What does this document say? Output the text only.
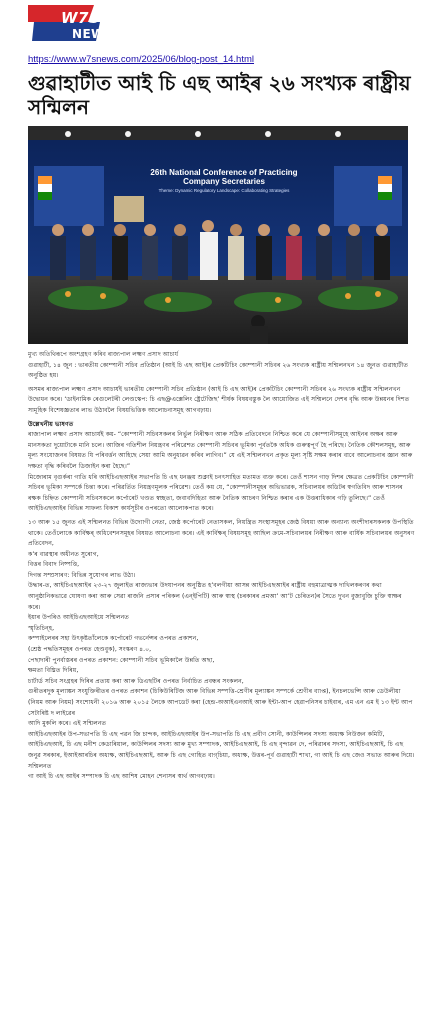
W7S
NEWS
https://www.w7snews.com/2025/06/blog-post_14.html
গুৱাহাটীত আই চি এছ আইৰ ২৬ সংখ্যক ৰাষ্ট্ৰীয় সন্মিলন
26th National Conference of Practicing Company Secretaries
Theme: Dynamic Regulatory Landscape: Collaborating Strategies

মুখ্য অতিথিৰূপে অংশগ্ৰহণ কৰিব ৰাজ্যপাল লক্ষ্মণ প্ৰসাদ আচাৰ্য

গুৱাহাটী, ১৪ জুন : ভাৰতীয় কোম্পানী সচিব প্ৰতিষ্ঠান (আই চি এছ আই)ৰ প্ৰেকটিচিং কোম্পানী সচিবৰ ২৬ সংখ্যক ৰাষ্ট্ৰীয় সন্মিলনখন ১৪ জুনত গুৱাহাটীত অনুষ্ঠিত হয়।

অসমৰ ৰাজ্যপাল লক্ষ্মণ প্ৰসাদ আচাৰ্যই ভাৰতীয় কোম্পানী সচিব প্ৰতিষ্ঠান (আই চি এছ আই)ৰ প্ৰেকটিচিং কোম্পানী সচিবৰ ২৬ সংখ্যক ৰাষ্ট্ৰীয় সন্মিলনখন উদ্বোধন কৰে। ‘ডাইনামিক ৰেগুলেটৰী লেণ্ডস্কেপ: চি এছ@এক্সেলিং ষ্ট্ৰেটেজিছ’ শীৰ্ষক বিষয়বস্তুক লৈ আয়োজিত এই সন্মিলনে দেশৰ বৃদ্ধি আৰু উন্নয়নৰ দিশত সামূহিক বিশেষজ্ঞতাৰ লাভ উঠাবলৈ বিষয়ভিত্তিক আলোচনাসমূহ আগবঢ়ায়।

উল্লেখনীয় ভাষণত

ৰাজ্যপাল লক্ষ্মণ প্ৰসাদ আচাৰ্যই কয়- “কোম্পানী সচিবসকলৰ নিৰ্ভুল নিৰীক্ষণ আৰু সঠিক প্ৰতিবেদনে নিশ্চিত কৰে যে কোম্পানীসমূহে আইনৰ অক্ষৰ আৰু মানসকতা দুয়োটাকে মানি চলে। আজিৰ গতিশীল নিয়ন্ত্ৰণৰ পৰিৱেশত কোম্পানী সচিবৰ ভূমিকা পূৰ্বতকৈ অধিক গুৰুত্বপূৰ্ণ হৈ পৰিছে। নৈতিক কৌশলসমূহ, আৰু মূল্য সংযোজনৰ বিষয়ত যি পৰিবৰ্ত্তন আহিছে সেয়া আমি অনুধাৱন কৰিব লাগিব।” যে এই সন্মিলনখন প্ৰকৃত মূল্য সৃষ্টি সক্ষম কৰাৰ বাবে আলোচনাৰ জ্ঞান আৰু দক্ষতা বৃদ্ধি কৰিবলৈ ডিজাইন কৰা হৈছে।”

মিজোৰাম বৃগুৰ্কৰা গাতি ধৰি আইচিএছআইৰ সভাপতি চি এছ ধনঞ্জয় শুক্লাই চনৎসাহিত মতামত ব্যক্ত কৰে। তেওঁ শাসন গাড় দিশৰ ক্ষেত্ৰত প্ৰেকটিচিং কোম্পানী সচিবৰ ভূমিকা সম্পৰ্কে চিন্তা কৰে। পৰিৱৰ্তিত নিয়ন্ত্ৰণমূলক পৰিৱেশ। তেওঁ কয় যে, “কোম্পানীসমূহৰ অভিভাৱক, সচিবালয়ৰ অডিটৰ স্বগতিবিদ আৰু শাসনৰ ৰক্ষক চিহ্নিত কোম্পানী সচিবসকলে কৰ্পোৰেট খণ্ডত স্বচ্ছতা, জবাবদিহিতা আৰু নৈতিক আচৰণ নিশ্চিত কৰাৰ এক উত্তৰাধিকাৰ গঢ়ি তুলিছে।” তেওঁ আইচিএছআইৰ বিভিন্ন সাফল্য বিকাশ কাৰ্যসূচীৰ ওপৰতো আলোকপাত কৰে।

১৩ আৰু ১৫ জুনত এই সন্মিলনত বিভিন্ন উদ্যোগী নেতা, জেষ্ঠ কৰ্পোৰেট নেতাসকল, নিয়ন্ত্ৰিত সংস্থাসমূহৰ জেষ্ঠ বিষয়া আৰু অন্যান্য অংশীদাৰসকলক উপস্থিতি থাকে। তেওঁলোকে কাৰ্বিক্ষৰ্ অধিবেশনসমূহৰ বিষয়ত আলোচনা কৰে। এই কাৰ্বিক্ষৰ্ বিষয়সমূহ আছিল ক্ৰমে-সচিবালয়ৰ নিৰীক্ষণ আৰু বাৰ্ষিক সচিবালয়ৰ অনুসৰণ প্ৰতিবেদন,

ক’ৰ বাৱস্থাৰ অধীনত সুৰোগ,

বিত্তৰ বিবাদ নিষ্পত্তি,

দিগন্ত সম্প্ৰসাৰণ: বিভিন্ন সুযোগৰ লাভ উঠা।

উদ্ধাৰ-ত, আইচিএছআইৰ ২৩-২৭ জুলাইত ৰাজ্যভাৰ উদযাপনৰ অনুষ্ঠিত হ’বলগীয়া আসন্ন আইচিএছআইৰ ৰাষ্ট্ৰীয় বহুমাত্ৰাত্মক দাখিলকৰণৰ কথা আনুষ্ঠানিকভাৱে ঘোষণা কৰা আৰু সেৱা ৰাজনি প্ৰসাৰ পৰিকল (এন্‌ইপিটি) আৰু স্বাস্থ (চৰকাৰৰ প্ৰমআ’ আ’ট চেৰিতন)ৰ সৈতে দুখন বুজাবুজি চুক্তি স্বাক্ষৰ কৰে।

ইয়াৰ উপৰিও আইচিএছআইয়ে সন্মিলনত

স্মৃতিচিন্হ,

কম্পাইলেৰৰ সহা উৎকৃষ্টতাঁলেকে কৰ্পোৰেট গভৰ্নেন্সৰ ওপৰত প্ৰকাশন,

(শ্ৰেষ্ঠ পদ্ধতিসমূহৰ ওপৰত হেণ্ডবুক), সংস্কৰণ ৪.০,

পেছাদাৰী পুনৰ্বাস্তৰৰ ওপৰত প্ৰকাশন: কোম্পানী সচিব ভূমিকালৈ উন্নতি অছা,

ক্ষমতা বিঘ্নিত দিৰিয়,

চাৰ্টাৰ্ড সচিব সংগ্ৰহৰ দিৰিৰ প্ৰত্যয় কৰা আৰু ডিএছটিৰ ওপৰত নিৰ্বাচিত প্ৰবন্ধৰ সংকলন,

গুৰীতৰদুক মূল্যাঙ্কন সংযুক্তিৰীতৰ ওপৰত প্ৰকাশন (চিকিউৰিটিজ আৰু বিভিন্ন সম্পত্তি-শ্ৰেণীৰ মূল্যাঙ্কন সম্পৰ্কে শ্ৰেণীৰ ব্যাপ্ত), ইনচলভেন্সি আৰু ডেউলীয়া (নিয়ম আৰু নিয়ম) সংশোধনী ২০১৬ আৰু ২০১৫ লৈকে আপডেট কৰা (হেন্ড-অআইএনআই আৰু ইন্টা-আপ হেৱাপনিসৰ চাইবাৰ, এম এন এম ই ১৩ ইন্ট আপ সেটাৰিষ্ট দ লাইৱেৰ

আদি মুকলি কৰে। এই সন্মিলনত

আইচিএছআইৰ উপ-সভাপতি চি এছ পৱন জি চান্দক, আইচিএছআইৰ উপ-সভাপতি চি এছ প্ৰবীণ সোনী, কাউন্সিলৰ সদস্য অধ্যক্ষ নিউজন কমিটি, আইচিএছআই, চি এছ মনীশ কেডাৰিয়াল, কাউন্সিলৰ সদস্য আৰু মুখ্য সম্পাদক, আইচিএছআই, চি এছ বৃন্দাৱন দে, পৰিৱাৰৰ সদস্য, আইচিএছআই, চি এছ জনুৱ সৰকাৰ, ইআইআৰচিৰ অধ্যক্ষ, আইচিএছআই, আৰু চি এছ গোহিত বাগ্‌চিয়া, অধ্যক্ষ, উত্তৰ-পূৰ্ব গুৱাহাটী শাখা, গা আই চি এছ জেও সভাত আৰুৰ দিয়ে। সন্মিলনত

গা আই চি এছ আইৰ সম্পাদক চি এছ আশিষ মোহন শেনাসৰ স্বাৰ্থ আগবঢ়ায়।
